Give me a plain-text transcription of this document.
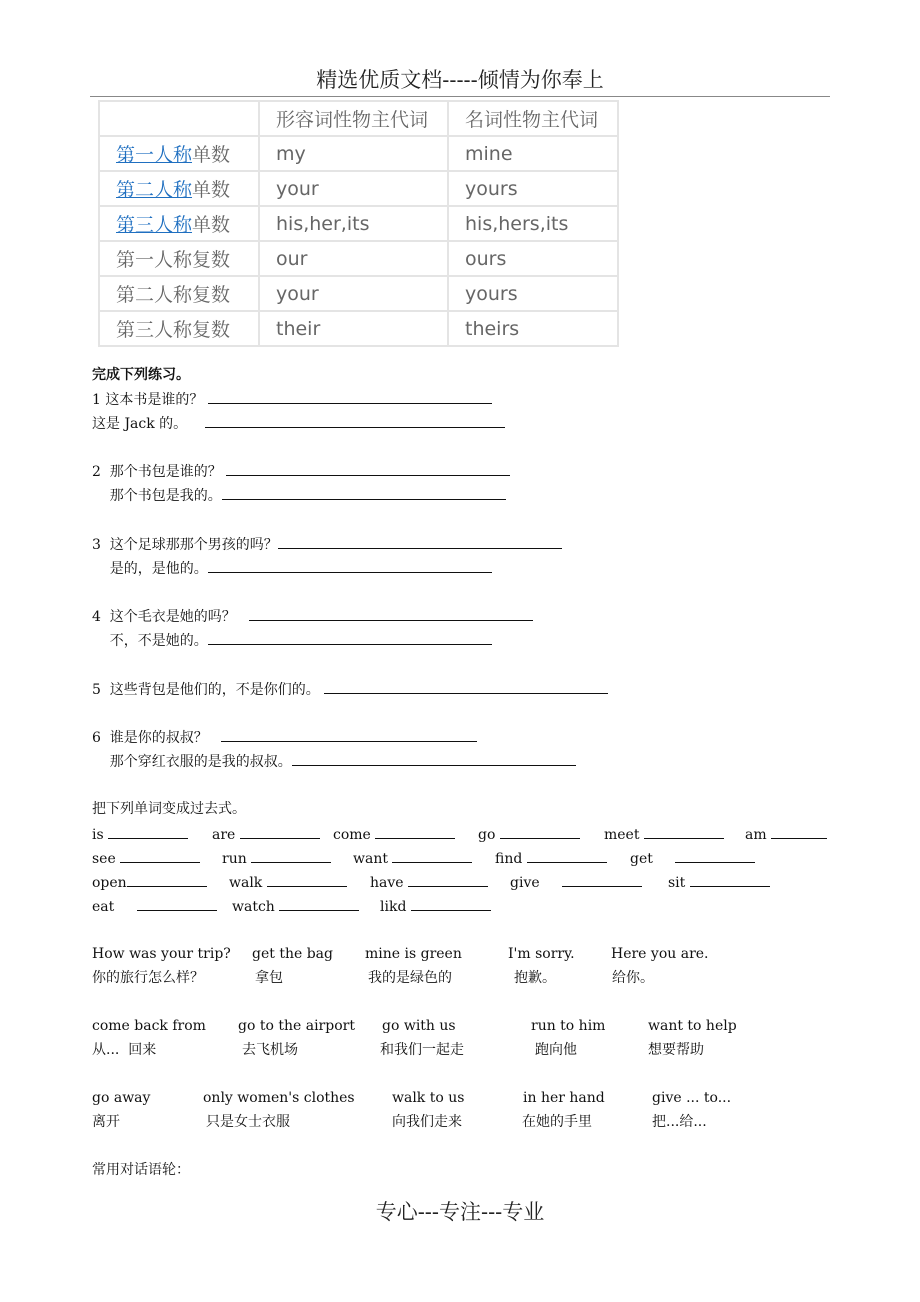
精选优质文档-----倾情为你奉上
	形容词性物主代词	名词性物主代词
第一人称单数	my	mine
第二人称单数	your	yours
第三人称单数	his,her,its	his,hers,its
第一人称复数	our	ours
第二人称复数	your	yours
第三人称复数	their	theirs
完成下列练习。
1 这本书是谁的？
这是 Jack 的。
2  那个书包是谁的？
那个书包是我的。
3  这个足球那那个男孩的吗？
是的，是他的。
4  这个毛衣是她的吗？
不，不是她的。
5  这些背包是他们的，不是你们的。
6  谁是你的叔叔？
那个穿红衣服的是我的叔叔。
把下列单词变成过去式。
is	are	come	go	meet	am
see	run	want	find	get
open	walk	have	give	sit
eat	watch	likd
How was your trip?
你的旅行怎么样？
get the bag
拿包
mine is green
我的是绿色的
I'm sorry.
抱歉。
Here you are.
给你。
come back from
从...  回来
go to the airport
去飞机场
go with us
和我们一起走
run to him
跑向他
want to help
想要帮助
go away
离开
only women's clothes
只是女士衣服
walk to us
向我们走来
in her hand
在她的手里
give ... to...
把...给...
常用对话语轮：
专心---专注---专业
